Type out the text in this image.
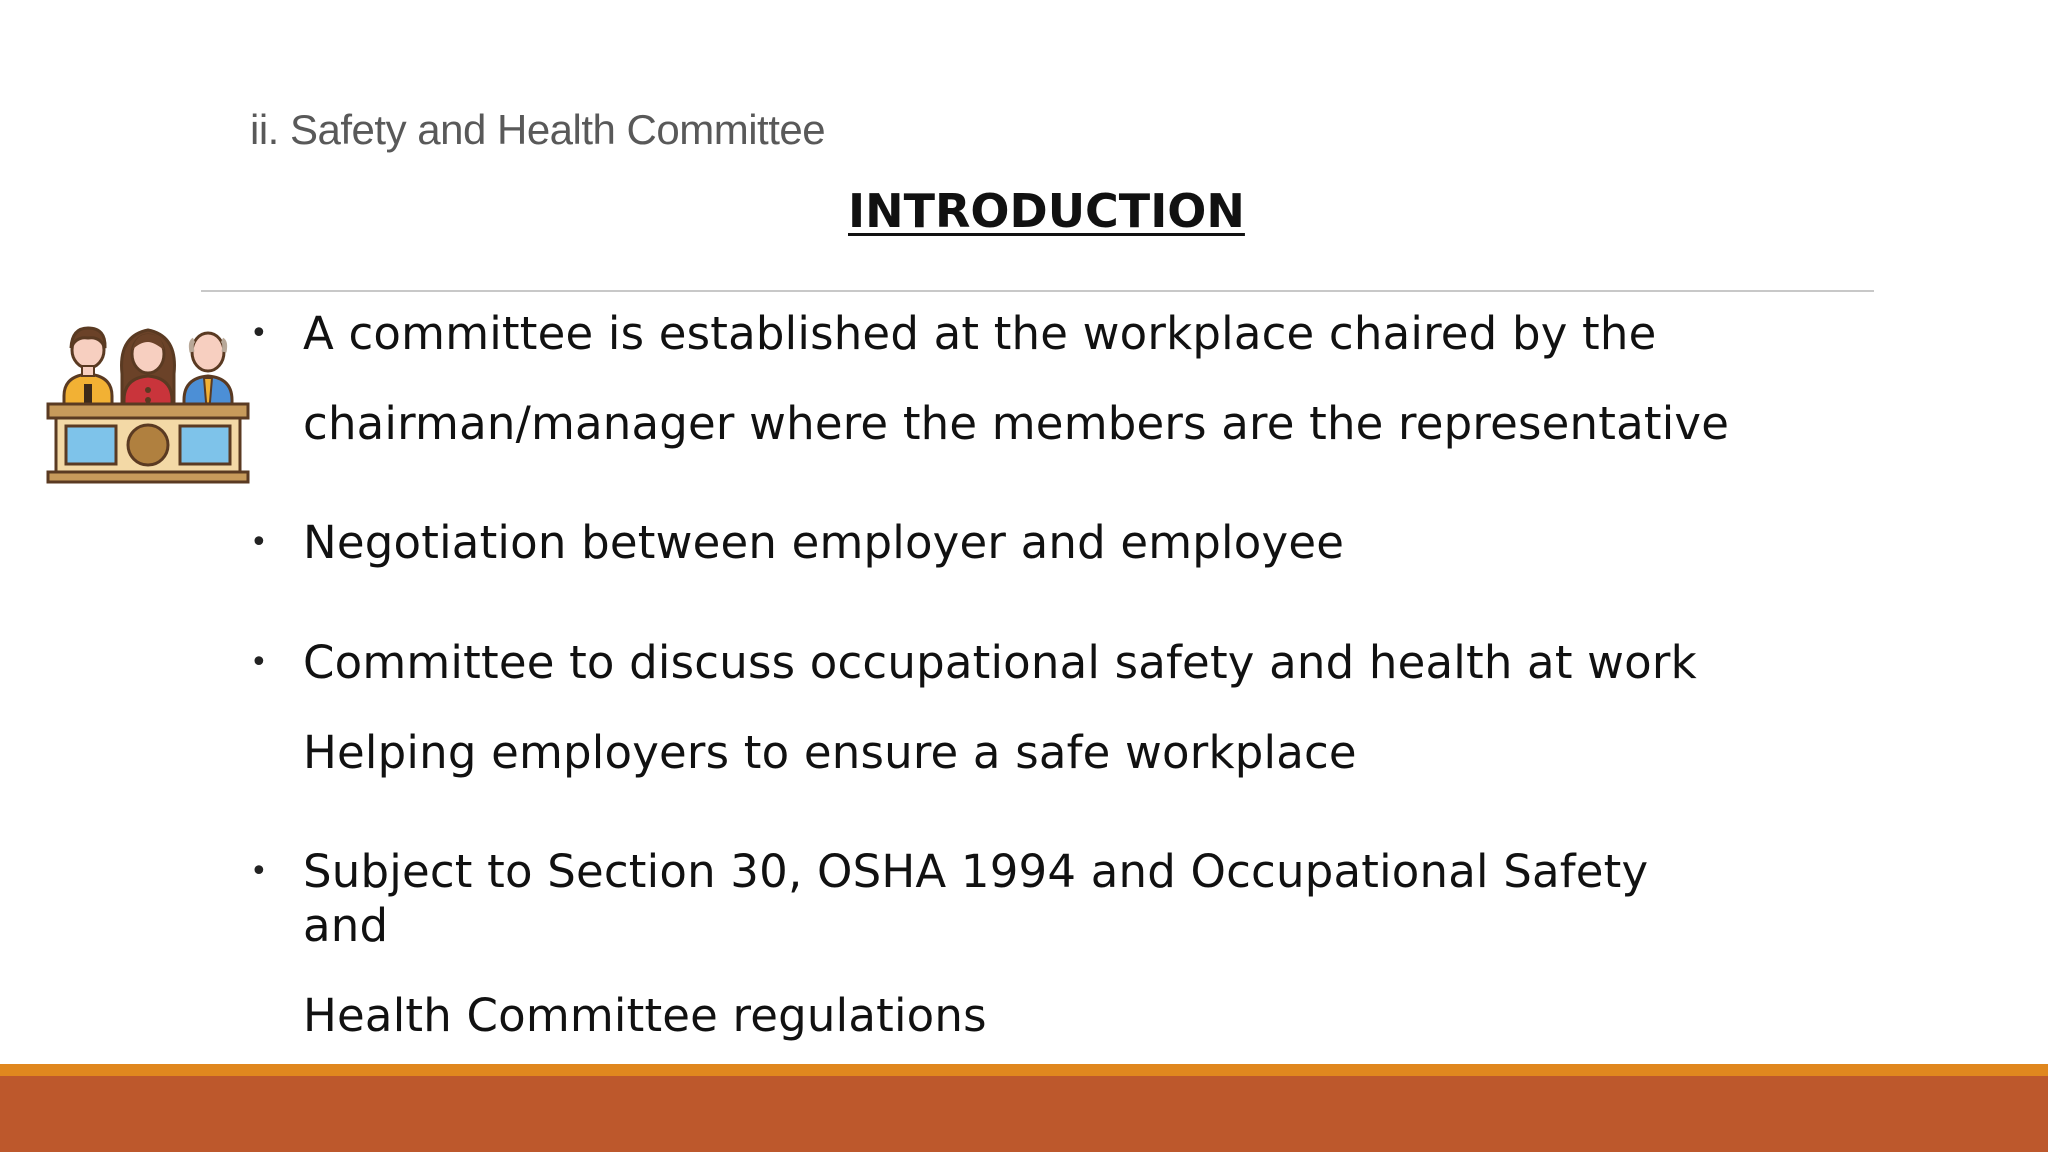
ii. Safety and Health Committee
INTRODUCTION
• A committee is established at the workplace chaired by the
chairman/manager where the members are the representative
• Negotiation between employer and employee
• Committee to discuss occupational safety and health at work
Helping employers to ensure a safe workplace
• Subject to Section 30, OSHA 1994 and Occupational Safety
and
Health Committee regulations
